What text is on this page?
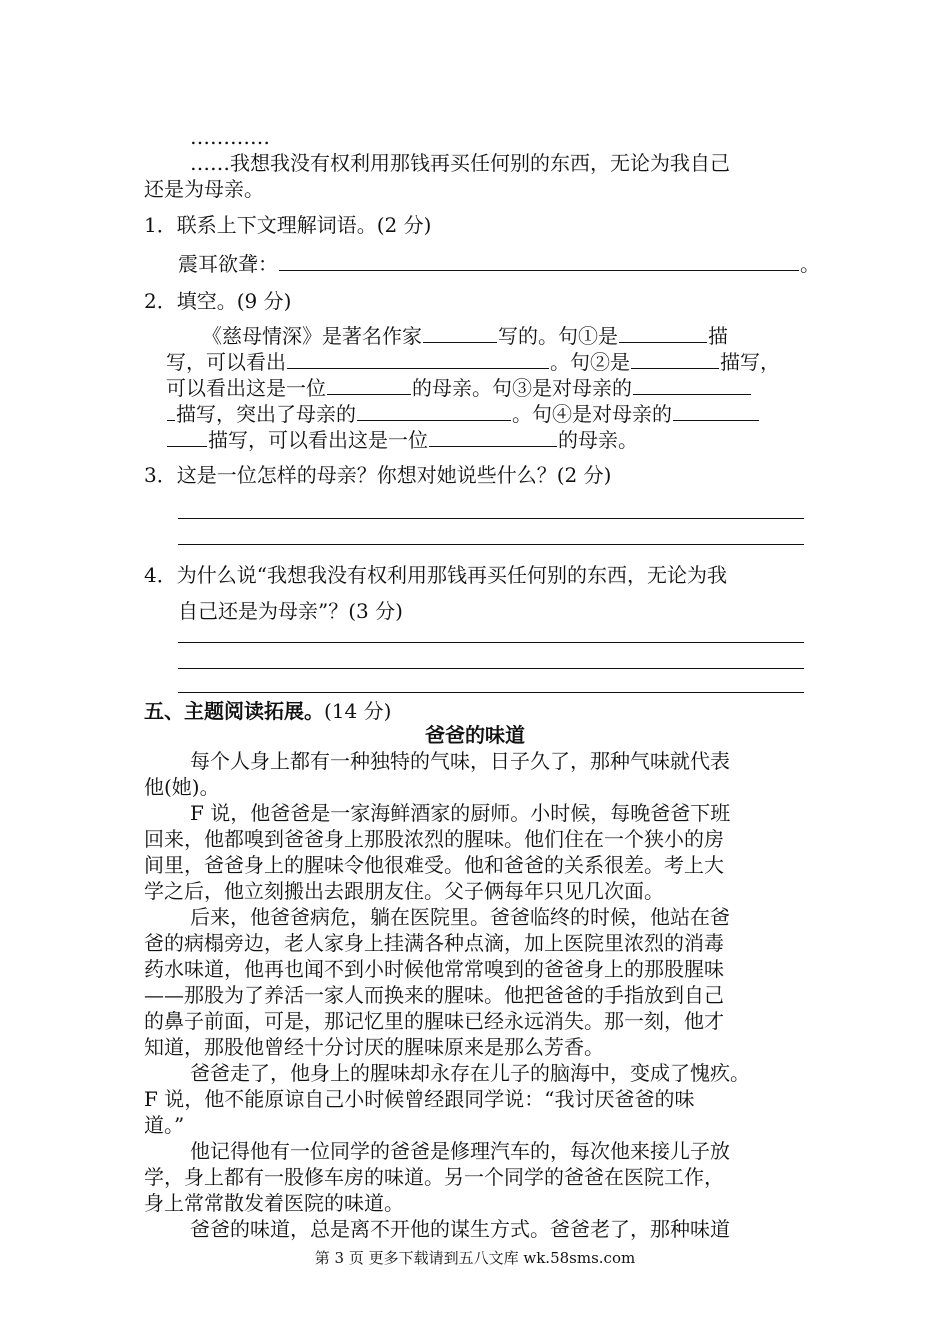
…………
……我想我没有权利用那钱再买任何别的东西，无论为我自己
还是为母亲。
1．联系上下文理解词语。(2 分)
震耳欲聋：	。
2．填空。(9 分)
《慈母情深》是著名作家	写的。句①是	描
写，可以看出	。句②是	描写，
可以看出这是一位	的母亲。句③是对母亲的
描写，突出了母亲的	。句④是对母亲的
描写，可以看出这是一位	的母亲。
3．这是一位怎样的母亲？你想对她说些什么？(2 分)
4．为什么说“我想我没有权利用那钱再买任何别的东西，无论为我
自己还是为母亲”？(3 分)
五、主题阅读拓展。(14 分)
爸爸的味道
每个人身上都有一种独特的气味，日子久了，那种气味就代表
他(她)。
F 说，他爸爸是一家海鲜酒家的厨师。小时候，每晚爸爸下班
回来，他都嗅到爸爸身上那股浓烈的腥味。他们住在一个狭小的房
间里，爸爸身上的腥味令他很难受。他和爸爸的关系很差。考上大
学之后，他立刻搬出去跟朋友住。父子俩每年只见几次面。
后来，他爸爸病危，躺在医院里。爸爸临终的时候，他站在爸
爸的病榻旁边，老人家身上挂满各种点滴，加上医院里浓烈的消毒
药水味道，他再也闻不到小时候他常常嗅到的爸爸身上的那股腥味
——那股为了养活一家人而换来的腥味。他把爸爸的手指放到自己
的鼻子前面，可是，那记忆里的腥味已经永远消失。那一刻，他才
知道，那股他曾经十分讨厌的腥味原来是那么芳香。
爸爸走了，他身上的腥味却永存在儿子的脑海中，变成了愧疚。
F 说，他不能原谅自己小时候曾经跟同学说：“我讨厌爸爸的味
道。”
他记得他有一位同学的爸爸是修理汽车的，每次他来接儿子放
学，身上都有一股修车房的味道。另一个同学的爸爸在医院工作，
身上常常散发着医院的味道。
爸爸的味道，总是离不开他的谋生方式。爸爸老了，那种味道
第 3 页 更多下载请到五八文库 wk.58sms.com
